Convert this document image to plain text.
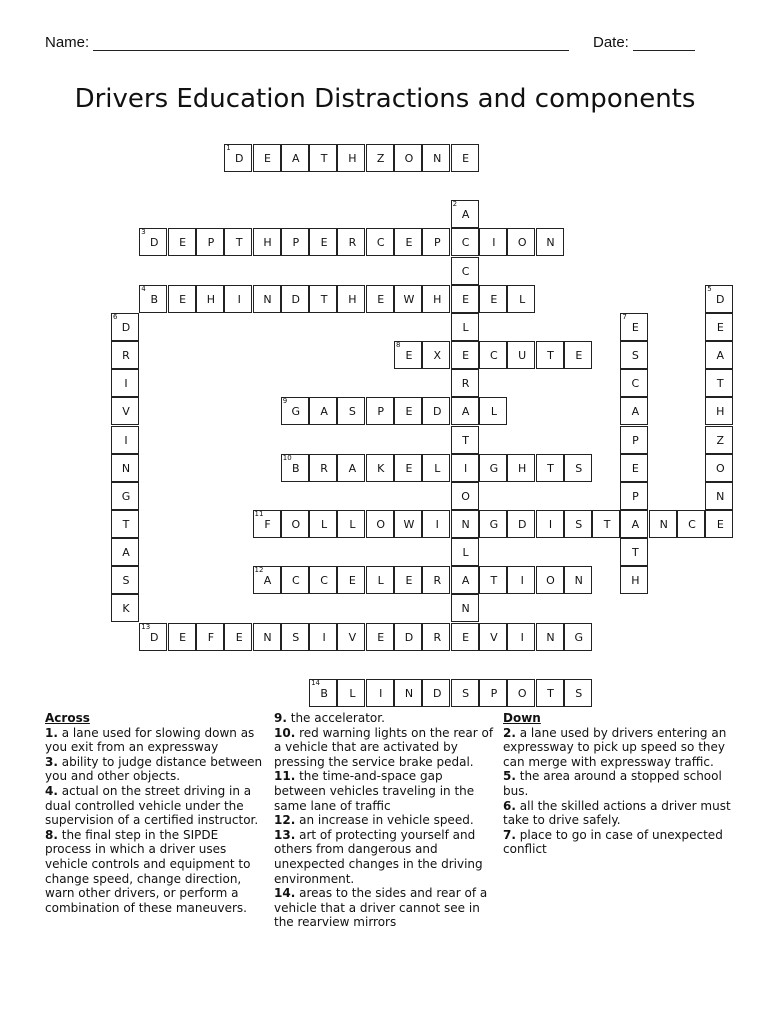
Name:	Date:
Drivers Education Distractions and components
1
D	E	A	T	H	Z	O	N	E
2
A
C
C
E
L
E
R
A
T
I
O
N
L
A
N
E
3
D	E	P	T	H	P	E	R	C	E	P	I	O	N
4
B	E	H	I	N	D	T	H	E	W	H	E	L
5
D
E
A
T
H
Z
O
N
E
6
D
R
I
V
I
N
G
T
A
S
K
7
E
S
C
A
P
E
P
A
T
H
8
E	X	C	U	T	E
9
G	A	S	P	E	D	L
10
B	R	A	K	E	L	G	H	T	S
11
F	O	L	L	O	W	I	G	D	I	S	T	N	C
12
A	C	C	E	L	E	R	T	I	O	N
13
D	E	F	E	N	S	I	V	E	D	R	V	I	N	G
14
B	L	I	N	D	S	P	O	T	S
Across
1. a lane used for slowing down as you exit from an expressway
3. ability to judge distance between you and other objects.
4. actual on the street driving in a dual controlled vehicle under the supervision of a certified instructor.
8. the final step in the SIPDE process in which a driver uses vehicle controls and equipment to change speed, change direction, warn other drivers, or perform a combination of these maneuvers.
9. the accelerator.
10. red warning lights on the rear of a vehicle that are activated by pressing the service brake pedal.
11. the time-and-space gap between vehicles traveling in the same lane of traffic
12. an increase in vehicle speed.
13. art of protecting yourself and others from dangerous and unexpected changes in the driving environment.
14. areas to the sides and rear of a vehicle that a driver cannot see in the rearview mirrors
Down
2. a lane used by drivers entering an expressway to pick up speed so they can merge with expressway traffic.
5. the area around a stopped school bus.
6. all the skilled actions a driver must take to drive safely.
7. place to go in case of unexpected conflict
